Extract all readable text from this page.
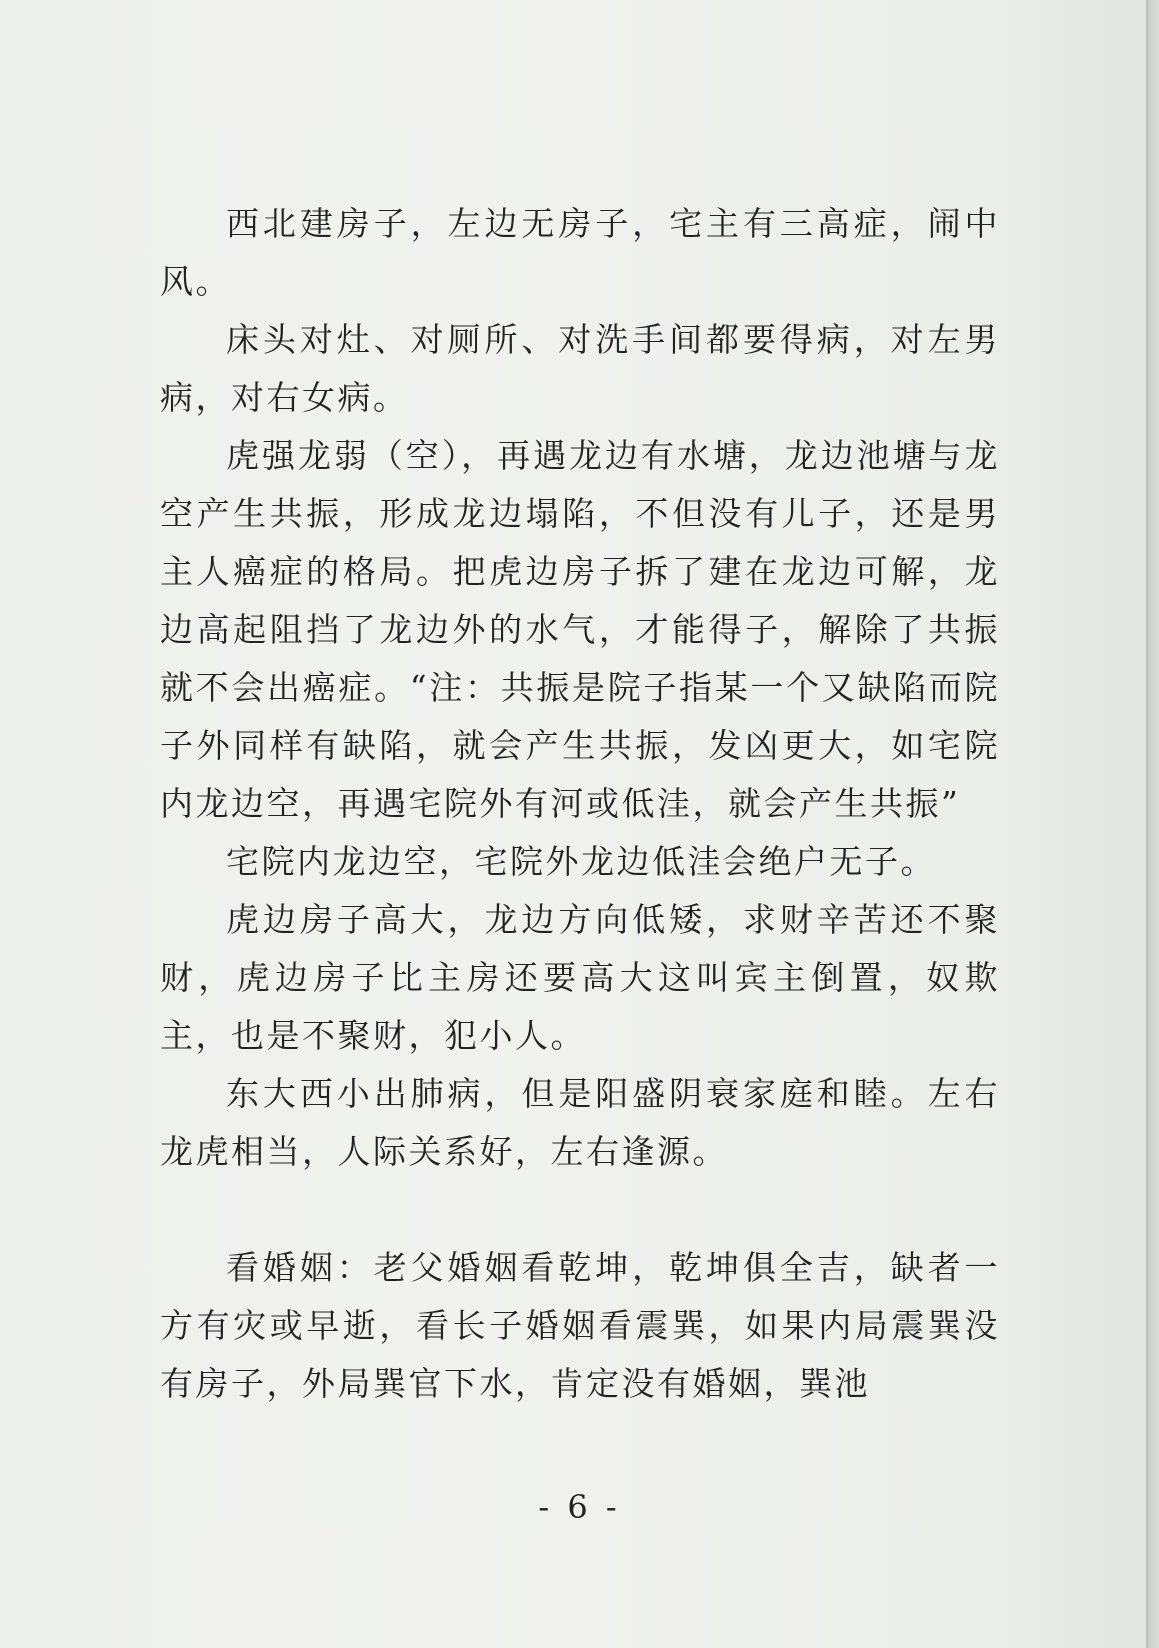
西北建房子，左边无房子，宅主有三高症，闹中风。

床头对灶、对厕所、对洗手间都要得病，对左男病，对右女病。

虎强龙弱（空），再遇龙边有水塘，龙边池塘与龙空产生共振，形成龙边塌陷，不但没有儿子，还是男主人癌症的格局。把虎边房子拆了建在龙边可解，龙边高起阻挡了龙边外的水气，才能得子，解除了共振就不会出癌症。“注：共振是院子指某一个又缺陷而院子外同样有缺陷，就会产生共振，发凶更大，如宅院内龙边空，再遇宅院外有河或低洼，就会产生共振”

宅院内龙边空，宅院外龙边低洼会绝户无子。

虎边房子高大，龙边方向低矮，求财辛苦还不聚财，虎边房子比主房还要高大这叫宾主倒置，奴欺主，也是不聚财，犯小人。

东大西小出肺病，但是阳盛阴衰家庭和睦。左右龙虎相当，人际关系好，左右逢源。

看婚姻：老父婚姻看乾坤，乾坤俱全吉，缺者一方有灾或早逝，看长子婚姻看震巽，如果内局震巽没有房子，外局巽官下水，肯定没有婚姻，巽池

- 6 -
